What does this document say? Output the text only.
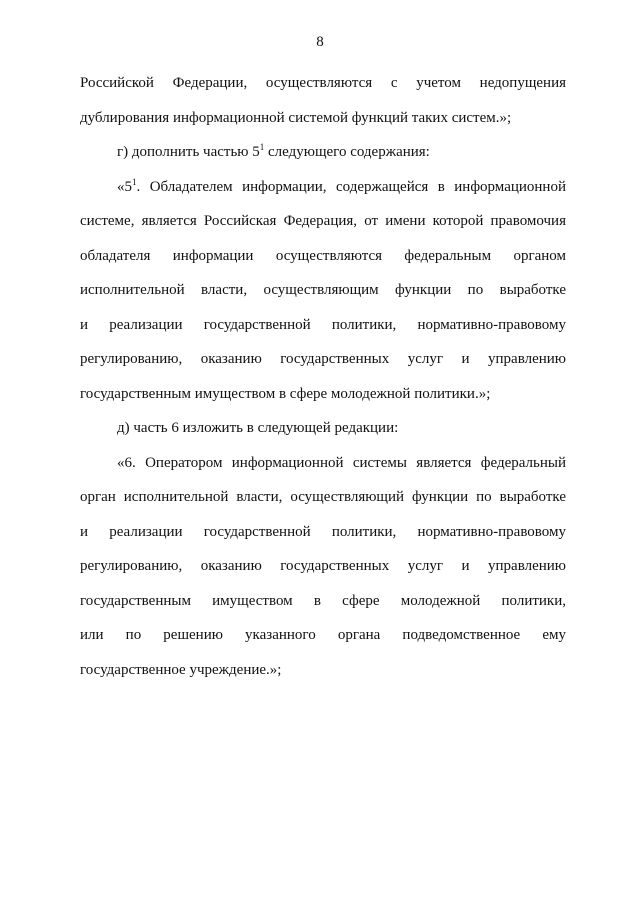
8
Российской Федерации, осуществляются с учетом недопущения
дублирования информационной системой функций таких систем.»;
г) дополнить частью $5^1$ следующего содержания:
«$5^1$. Обладателем информации, содержащейся в информационной
системе, является Российская Федерация, от имени которой правомочия
обладателя информации осуществляются федеральным органом
исполнительной власти, осуществляющим функции по выработке
и реализации государственной политики, нормативно-правовому
регулированию, оказанию государственных услуг и управлению
государственным имуществом в сфере молодежной политики.»;
д) часть 6 изложить в следующей редакции:
«6. Оператором информационной системы является федеральный
орган исполнительной власти, осуществляющий функции по выработке
и реализации государственной политики, нормативно-правовому
регулированию, оказанию государственных услуг и управлению
государственным имуществом в сфере молодежной политики,
или по решению указанного органа подведомственное ему
государственное учреждение.»;
